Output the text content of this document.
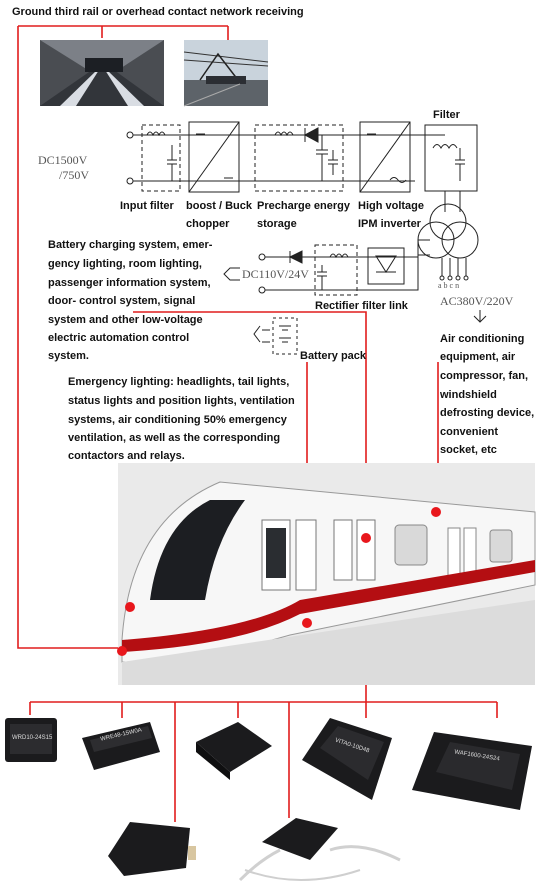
Ground third rail or overhead contact network receiving
DC1500V
/750V
Filter
Input filter boost / Buck
chopper
Precharge energy
storage
High voltage
IPM inverter
DC110V/24V
Rectifier filter link
Battery pack
a b c n
AC380V/220V
Battery charging system, emer-
gency lighting, room lighting,
passenger information system,
door- control system, signal
system and other low-voltage
electric automation control
system.
Emergency lighting: headlights, tail lights,
status lights and position lights, ventilation
systems, air conditioning 50% emergency
ventilation, as well as the corresponding
contactors and relays.
Air conditioning
equipment, air
compressor, fan,
windshield
defrosting device,
convenient
socket, etc
WRD10-24S15	WRE48-15W0A
VITA0-10D48
WAF1600-24S24
